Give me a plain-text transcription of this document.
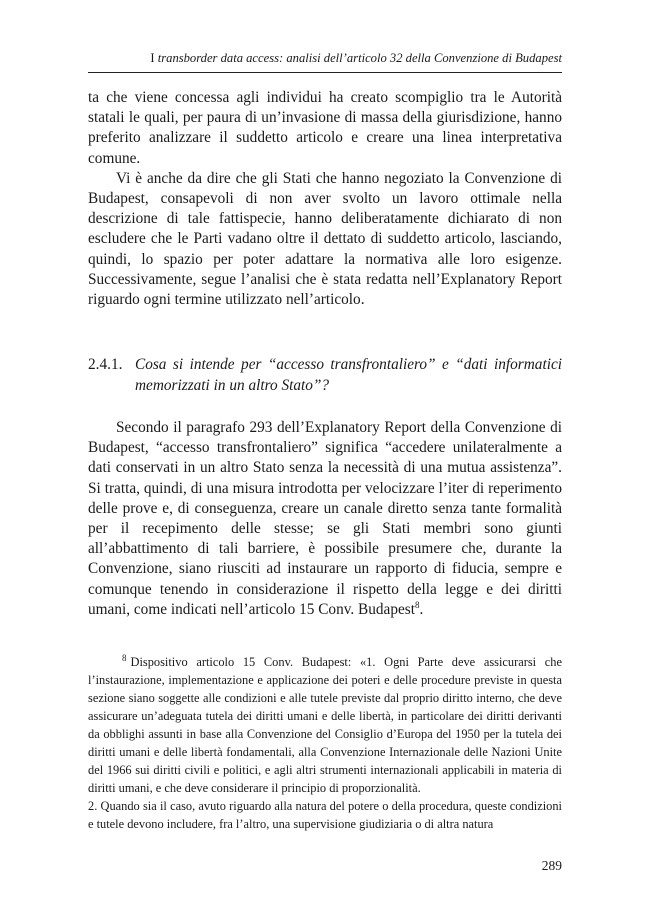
I transborder data access: analisi dell’articolo 32 della Convenzione di Budapest

ta che viene concessa agli individui ha creato scompiglio tra le Autorità statali le quali, per paura di un’invasione di massa della giurisdizione, hanno preferito analizzare il suddetto articolo e creare una linea interpretativa comune.

Vi è anche da dire che gli Stati che hanno negoziato la Convenzione di Budapest, consapevoli di non aver svolto un lavoro ottimale nella descrizione di tale fattispecie, hanno deliberatamente dichiarato di non escludere che le Parti vadano oltre il dettato di suddetto articolo, lasciando, quindi, lo spazio per poter adattare la normativa alle loro esigenze. Successivamente, segue l’analisi che è stata redatta nell’Explanatory Report riguardo ogni termine utilizzato nell’articolo.

2.4.1. Cosa si intende per “accesso transfrontaliero” e “dati informatici memorizzati in un altro Stato”?

Secondo il paragrafo 293 dell’Explanatory Report della Convenzione di Budapest, “accesso transfrontaliero” significa “accedere unilateralmente a dati conservati in un altro Stato senza la necessità di una mutua assistenza”. Si tratta, quindi, di una misura introdotta per velocizzare l’iter di reperimento delle prove e, di conseguenza, creare un canale diretto senza tante formalità per il recepimento delle stesse; se gli Stati membri sono giunti all’abbattimento di tali barriere, è possibile presumere che, durante la Convenzione, siano riusciti ad instaurare un rapporto di fiducia, sempre e comunque tenendo in considerazione il rispetto della legge e dei diritti umani, come indicati nell’articolo 15 Conv. Budapest$^8$.

$^8$ Dispositivo articolo 15 Conv. Budapest: «1. Ogni Parte deve assicurarsi che l’instaurazione, implementazione e applicazione dei poteri e delle procedure previste in questa sezione siano soggette alle condizioni e alle tutele previste dal proprio diritto interno, che deve assicurare un’adeguata tutela dei diritti umani e delle libertà, in particolare dei diritti derivanti da obblighi assunti in base alla Convenzione del Consiglio d’Europa del 1950 per la tutela dei diritti umani e delle libertà fondamentali, alla Convenzione Internazionale delle Nazioni Unite del 1966 sui diritti civili e politici, e agli altri strumenti internazionali applicabili in materia di diritti umani, e che deve considerare il principio di proporzionalità.

2. Quando sia il caso, avuto riguardo alla natura del potere o della procedura, queste condizioni e tutele devono includere, fra l’altro, una supervisione giudiziaria o di altra natura

289
